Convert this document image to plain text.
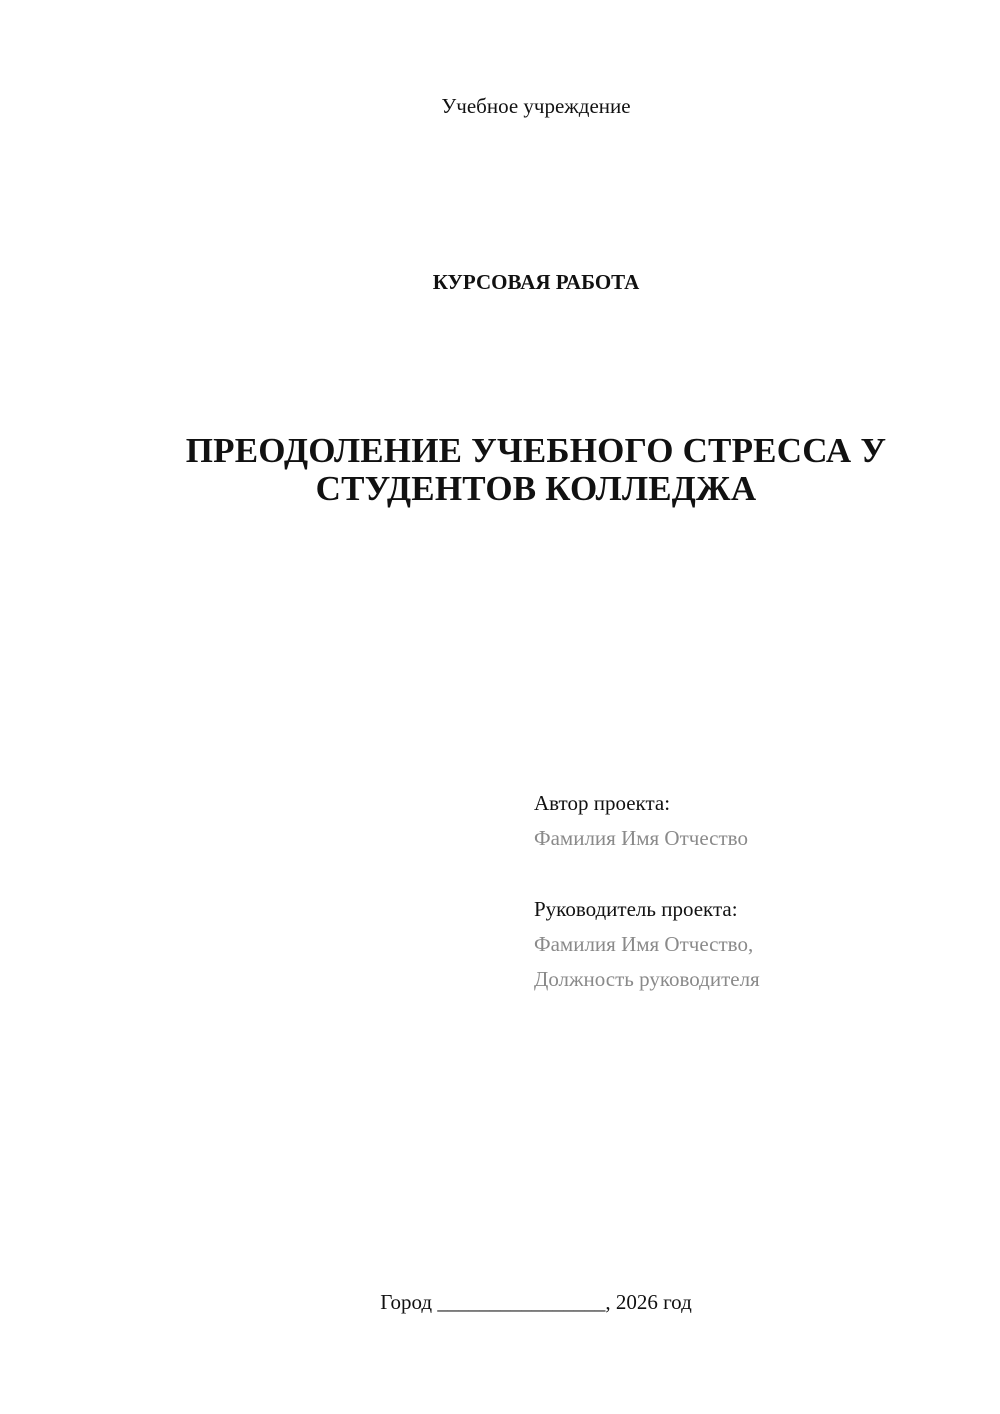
Учебное учреждение
КУРСОВАЯ РАБОТА
ПРЕОДОЛЕНИЕ УЧЕБНОГО СТРЕССА У
СТУДЕНТОВ КОЛЛЕДЖА
Автор проекта:
Фамилия Имя Отчество
Руководитель проекта:
Фамилия Имя Отчество,
Должность руководителя
Город ________________, 2026 год
